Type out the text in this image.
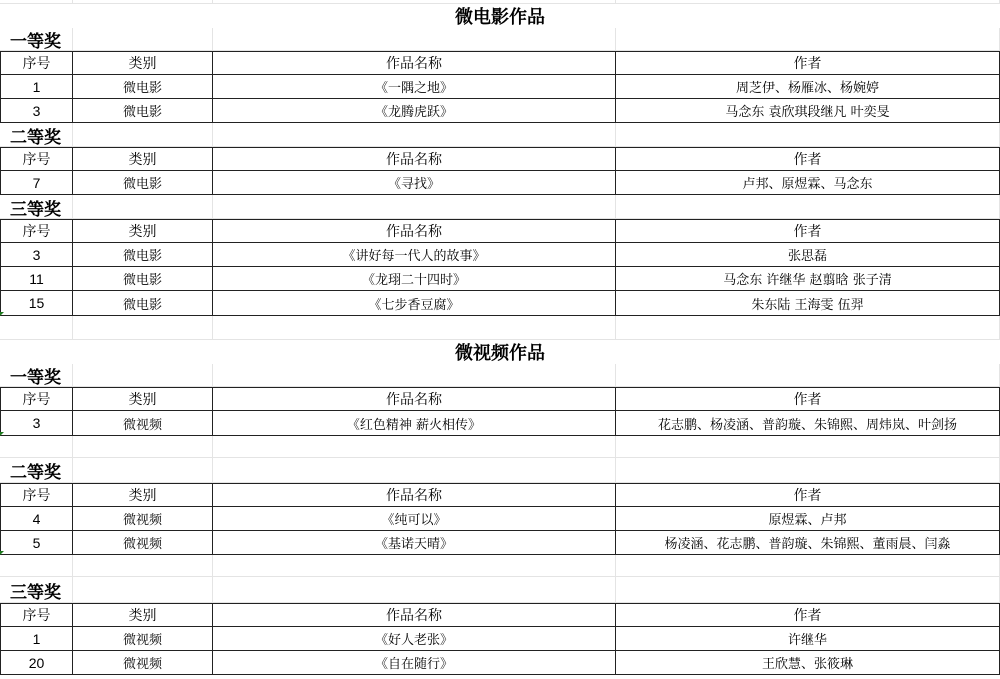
微电影作品
一等奖
序号	类别	作品名称	作者
1	微电影	《一隅之地》	周芝伊、杨雁冰、杨婉婷
3	微电影	《龙腾虎跃》	马念东 袁欣琪段继凡 叶奕旻
二等奖
序号	类别	作品名称	作者
7	微电影	《寻找》	卢邦、原煜霖、马念东
三等奖
序号	类别	作品名称	作者
3	微电影	《讲好每一代人的故事》	张思磊
11	微电影	《龙珝二十四时》	马念东 许继华 赵翦晗 张子清
15	微电影	《七步香豆腐》	朱东陆 王海雯 伍羿
微视频作品
一等奖
序号	类别	作品名称	作者
3	微视频	《红色精神 薪火相传》	花志鹏、杨凌涵、普韵璇、朱锦熙、周炜岚、叶剑扬
二等奖
序号	类别	作品名称	作者
4	微视频	《纯可以》	原煜霖、卢邦
5	微视频	《基诺天晴》	杨凌涵、花志鹏、普韵璇、朱锦熙、董雨晨、闫淼
三等奖
序号	类别	作品名称	作者
1	微视频	《好人老张》	许继华
20	微视频	《自在随行》	王欣慧、张筱琳
